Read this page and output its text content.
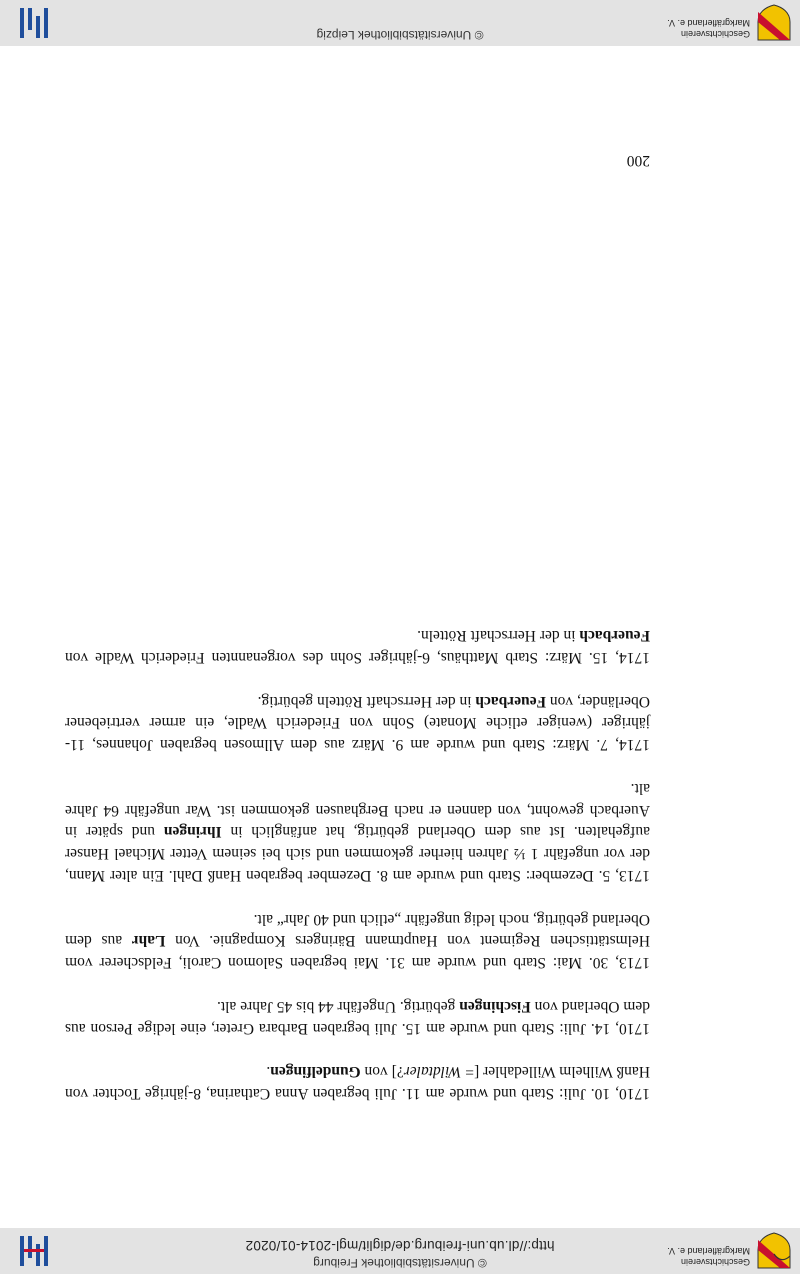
Geschichtsverein
Markgräflerland e. V.
© Universitätsbibliothek Freiburg
http://dl.ub.uni-freiburg.de/diglit/mgl-2014-01/0202

1710, 10. Juli: Starb und wurde am 11. Juli begraben Anna Catharina, 8-jährige Tochter von Hanß Wilhelm Willedahler [= Wildtaler?] von Gundelfingen.

1710, 14. Juli: Starb und wurde am 15. Juli begraben Barbara Greter, eine ledige Person aus dem Oberland von Fischingen gebürtig. Ungefähr 44 bis 45 Jahre alt.

1713, 30. Mai: Starb und wurde am 31. Mai begraben Salomon Caroli, Feldscherer vom Helmstättischen Regiment von Hauptmann Bäringers Kompagnie. Von Lahr aus dem Oberland gebürtig, noch ledig ungefähr „etlich und 40 Jahr“ alt.

1713, 5. Dezember: Starb und wurde am 8. Dezember begraben Hanß Dahl. Ein alter Mann, der vor ungefähr 1 ½ Jahren hierher gekommen und sich bei seinem Vetter Michael Hanser aufgehalten. Ist aus dem Oberland gebürtig, hat anfänglich in Ihringen und später in Auerbach gewohnt, von dannen er nach Berghausen gekommen ist. War ungefähr 64 Jahre alt.

1714, 7. März: Starb und wurde am 9. März aus dem Allmosen begraben Johannes, 11-jähriger (weniger etliche Monate) Sohn von Friederich Wadle, ein armer vertriebener Oberländer, von Feuerbach in der Herrschaft Rötteln gebürtig.

1714, 15. März: Starb Matthäus, 6-jähriger Sohn des vorgenannten Friederich Wadle von Feuerbach in der Herrschaft Rötteln.

200
Geschichtsverein
Markgräflerland e. V.
© Universitätsbibliothek Leipzig
